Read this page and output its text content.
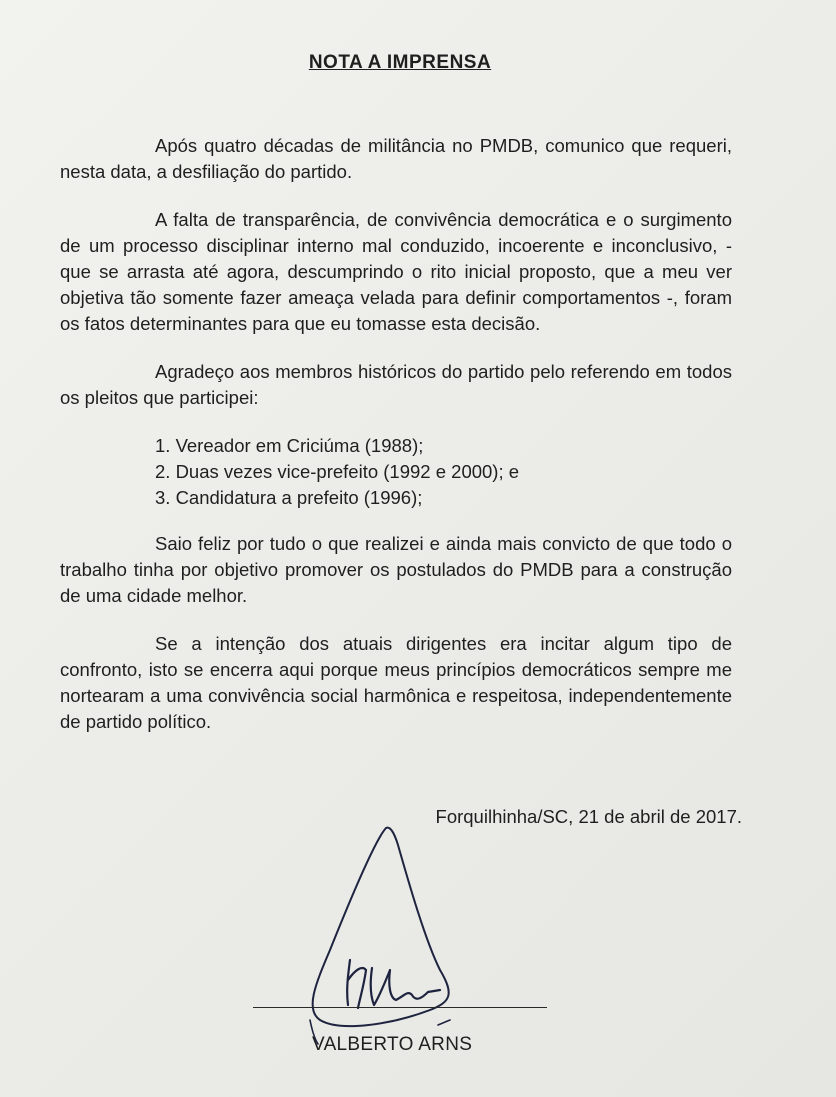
NOTA A IMPRENSA

Após quatro décadas de militância no PMDB, comunico que requeri, nesta data, a desfiliação do partido.

A falta de transparência, de convivência democrática e o surgimento de um processo disciplinar interno mal conduzido, incoerente e inconclusivo, - que se arrasta até agora, descumprindo o rito inicial proposto, que a meu ver objetiva tão somente fazer ameaça velada para definir comportamentos -, foram os fatos determinantes para que eu tomasse esta decisão.

Agradeço aos membros históricos do partido pelo referendo em todos os pleitos que participei:

1. Vereador em Criciúma (1988);
2. Duas vezes vice-prefeito (1992 e 2000); e
3. Candidatura a prefeito (1996);

Saio feliz por tudo o que realizei e ainda mais convicto de que todo o trabalho tinha por objetivo promover os postulados do PMDB para a construção de uma cidade melhor.

Se a intenção dos atuais dirigentes era incitar algum tipo de confronto, isto se encerra aqui porque meus princípios democráticos sempre me nortearam a uma convivência social harmônica e respeitosa, independentemente de partido político.

Forquilhinha/SC, 21 de abril de 2017.
VALBERTO ARNS
